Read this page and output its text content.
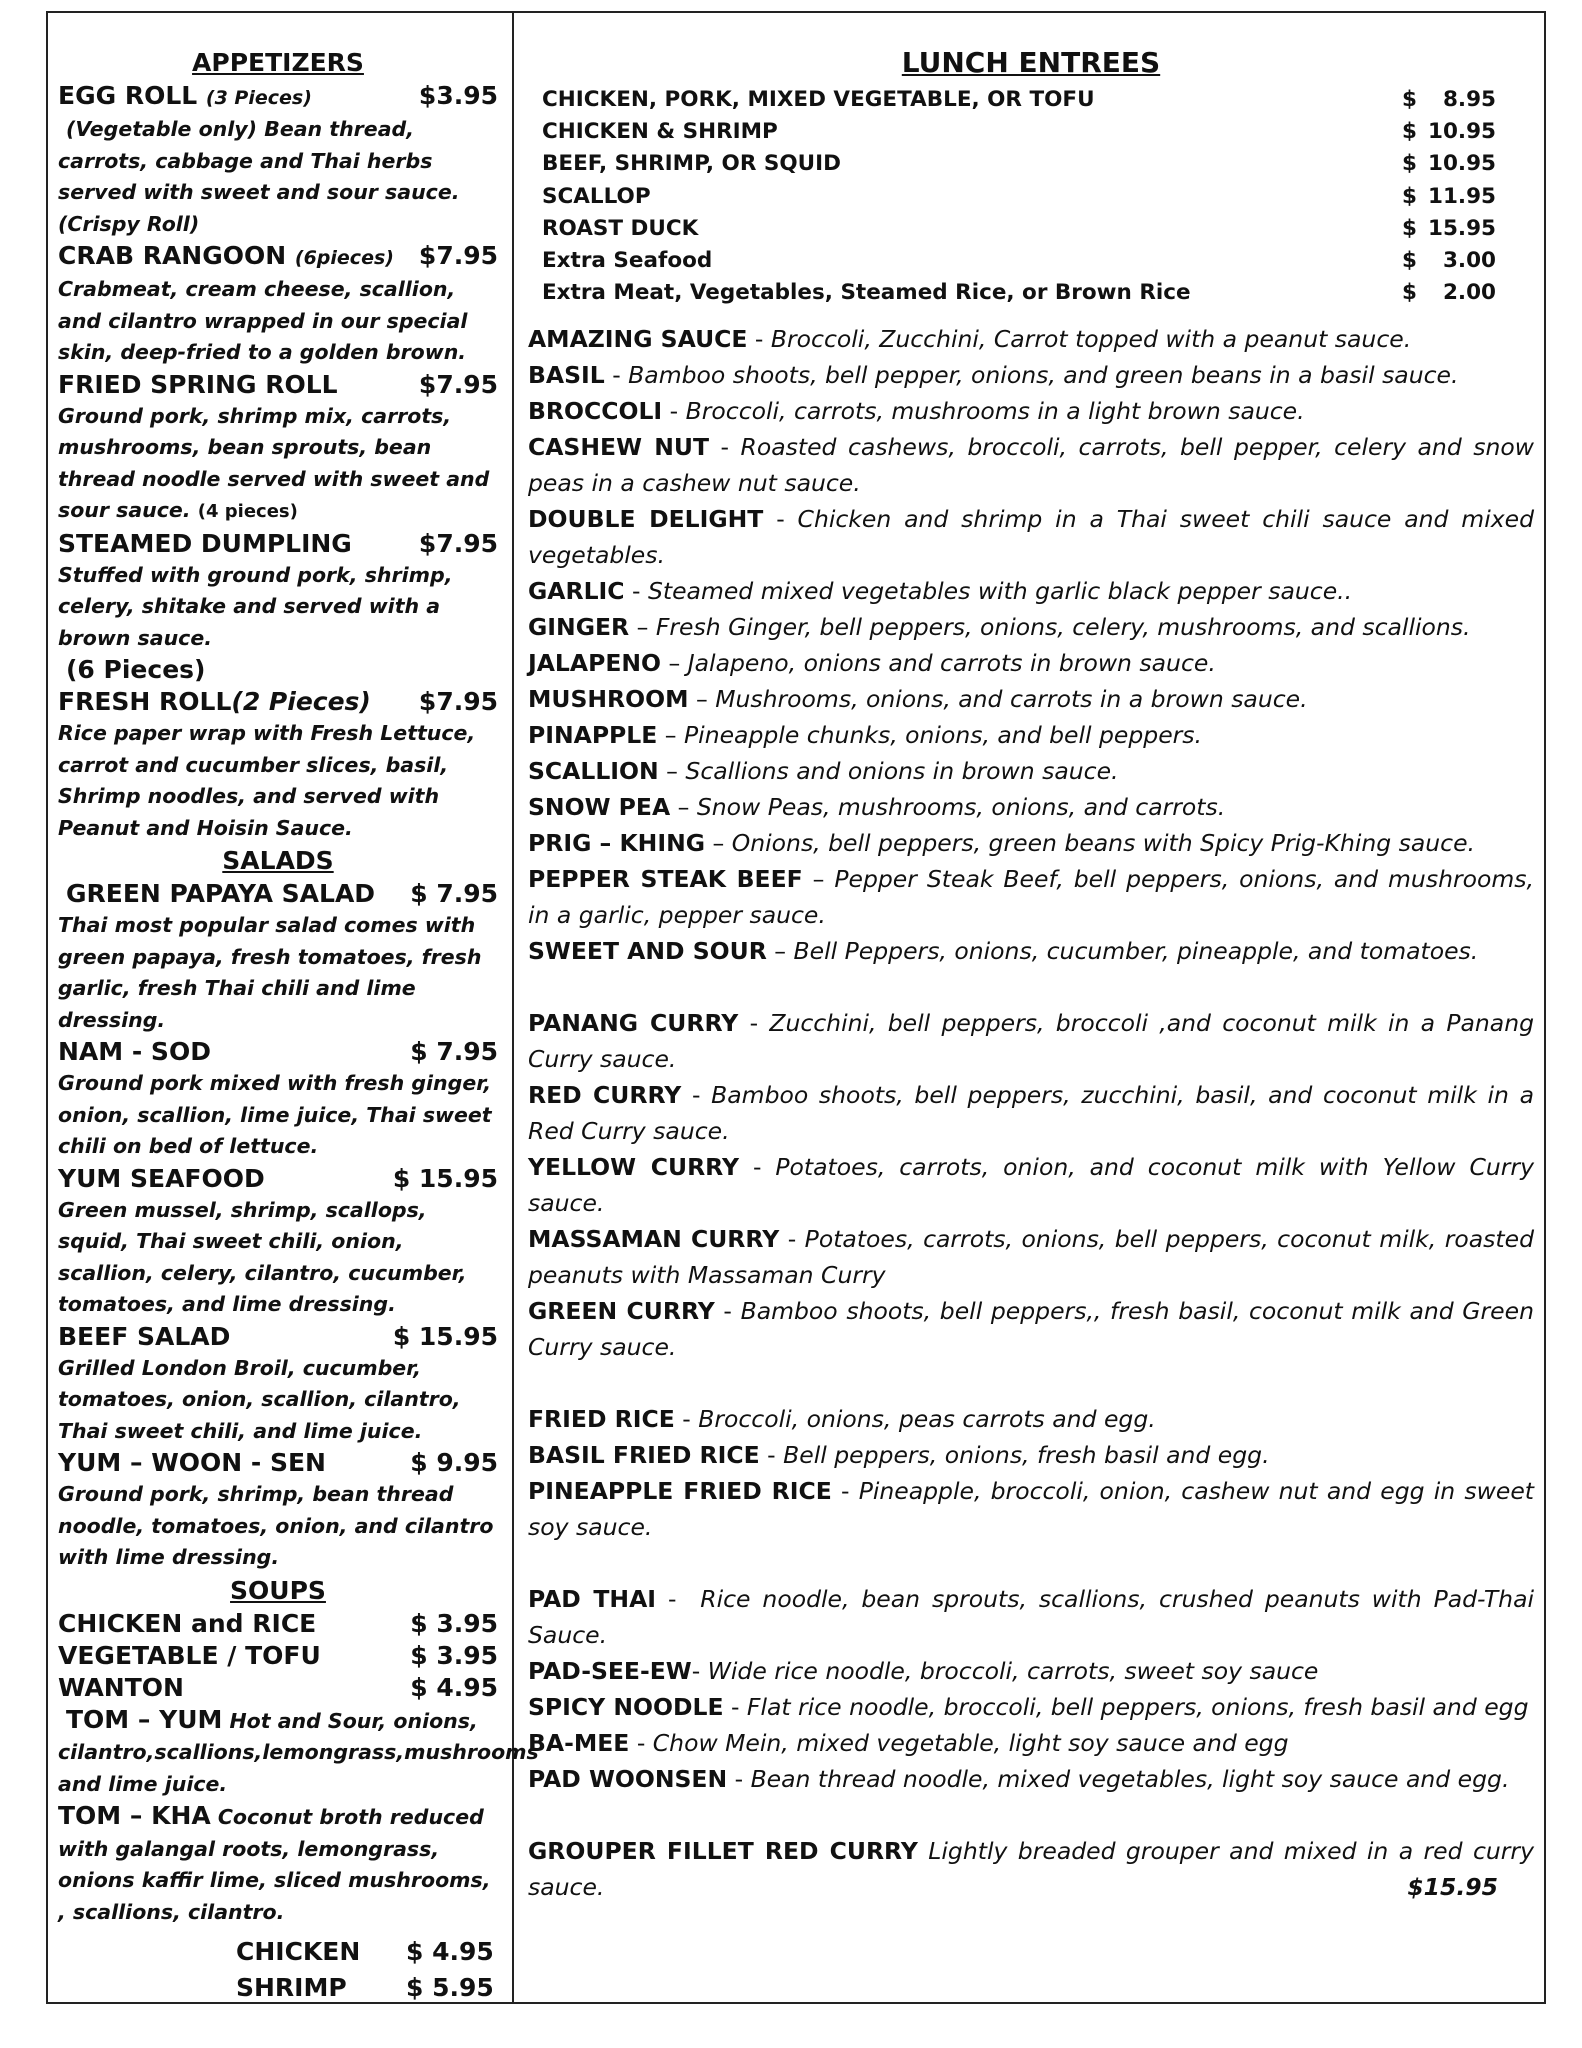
APPETIZERS
EGG ROLL (3 Pieces)	$3.95
(Vegetable only) Bean thread, carrots, cabbage and Thai herbs served with sweet and sour sauce. (Crispy Roll)
CRAB RANGOON (6pieces) $7.95
Crabmeat, cream cheese, scallion, and cilantro wrapped in our special skin, deep-fried to a golden brown.
FRIED SPRING ROLL	$7.95
Ground pork, shrimp mix, carrots, mushrooms, bean sprouts, bean thread noodle served with sweet and sour sauce. (4 pieces)
STEAMED DUMPLING	$7.95
Stuffed with ground pork, shrimp, celery, shitake and served with a brown sauce.
(6 Pieces)
FRESH ROLL(2 Pieces) $7.95
Rice paper wrap with Fresh Lettuce, carrot and cucumber slices, basil, Shrimp noodles, and served with Peanut and Hoisin Sauce.
SALADS
GREEN PAPAYA SALAD $ 7.95
Thai most popular salad comes with green papaya, fresh tomatoes, fresh garlic, fresh Thai chili and lime dressing.
NAM - SOD	$ 7.95
Ground pork mixed with fresh ginger, onion, scallion, lime juice, Thai sweet chili on bed of lettuce.
YUM SEAFOOD	$ 15.95
Green mussel, shrimp, scallops, squid, Thai sweet chili, onion, scallion, celery, cilantro, cucumber, tomatoes, and lime dressing.
BEEF SALAD	$ 15.95
Grilled London Broil, cucumber, tomatoes, onion, scallion, cilantro, Thai sweet chili, and lime juice.
YUM – WOON - SEN	$ 9.95
Ground pork, shrimp, bean thread noodle, tomatoes, onion, and cilantro with lime dressing.
SOUPS
CHICKEN and RICE	$ 3.95
VEGETABLE / TOFU	$ 3.95
WANTON	$ 4.95
TOM – YUM Hot and Sour, onions, cilantro,scallions,lemongrass,mushrooms and lime juice.
TOM – KHA Coconut broth reduced with galangal roots, lemongrass, onions kaffir lime, sliced mushrooms, , scallions, cilantro.
CHICKEN	$ 4.95
SHRIMP	$ 5.95
LUNCH ENTREES
CHICKEN, PORK, MIXED VEGETABLE, OR TOFU	$ 8.95
CHICKEN & SHRIMP	$ 10.95
BEEF, SHRIMP, OR SQUID	$ 10.95
SCALLOP	$ 11.95
ROAST DUCK	$ 15.95
Extra Seafood	$ 3.00
Extra Meat, Vegetables, Steamed Rice, or Brown Rice	$ 2.00
AMAZING SAUCE - Broccoli, Zucchini, Carrot topped with a peanut sauce.
BASIL - Bamboo shoots, bell pepper, onions, and green beans in a basil sauce.
BROCCOLI - Broccoli, carrots, mushrooms in a light brown sauce.
CASHEW NUT - Roasted cashews, broccoli, carrots, bell pepper, celery and snow peas in a cashew nut sauce.
DOUBLE DELIGHT - Chicken and shrimp in a Thai sweet chili sauce and mixed vegetables.
GARLIC - Steamed mixed vegetables with garlic black pepper sauce..
GINGER – Fresh Ginger, bell peppers, onions, celery, mushrooms, and scallions.
JALAPENO – Jalapeno, onions and carrots in brown sauce.
MUSHROOM – Mushrooms, onions, and carrots in a brown sauce.
PINAPPLE – Pineapple chunks, onions, and bell peppers.
SCALLION – Scallions and onions in brown sauce.
SNOW PEA – Snow Peas, mushrooms, onions, and carrots.
PRIG – KHING – Onions, bell peppers, green beans with Spicy Prig-Khing sauce.
PEPPER STEAK BEEF – Pepper Steak Beef, bell peppers, onions, and mushrooms, in a garlic, pepper sauce.
SWEET AND SOUR – Bell Peppers, onions, cucumber, pineapple, and tomatoes.
PANANG CURRY - Zucchini, bell peppers, broccoli ,and coconut milk in a Panang Curry sauce.
RED CURRY - Bamboo shoots, bell peppers, zucchini, basil, and coconut milk in a Red Curry sauce.
YELLOW CURRY - Potatoes, carrots, onion, and coconut milk with Yellow Curry sauce.
MASSAMAN CURRY - Potatoes, carrots, onions, bell peppers, coconut milk, roasted peanuts with Massaman Curry
GREEN CURRY - Bamboo shoots, bell peppers,, fresh basil, coconut milk and Green Curry sauce.
FRIED RICE - Broccoli, onions, peas carrots and egg.
BASIL FRIED RICE - Bell peppers, onions, fresh basil and egg.
PINEAPPLE FRIED RICE - Pineapple, broccoli, onion, cashew nut and egg in sweet soy sauce.
PAD THAI -  Rice noodle, bean sprouts, scallions, crushed peanuts with Pad-Thai Sauce.
PAD-SEE-EW- Wide rice noodle, broccoli, carrots, sweet soy sauce
SPICY NOODLE - Flat rice noodle, broccoli, bell peppers, onions, fresh basil and egg
BA-MEE - Chow Mein, mixed vegetable, light soy sauce and egg
PAD WOONSEN - Bean thread noodle, mixed vegetables, light soy sauce and egg.
GROUPER FILLET RED CURRY Lightly breaded grouper and mixed in a red curry sauce.	$15.95
